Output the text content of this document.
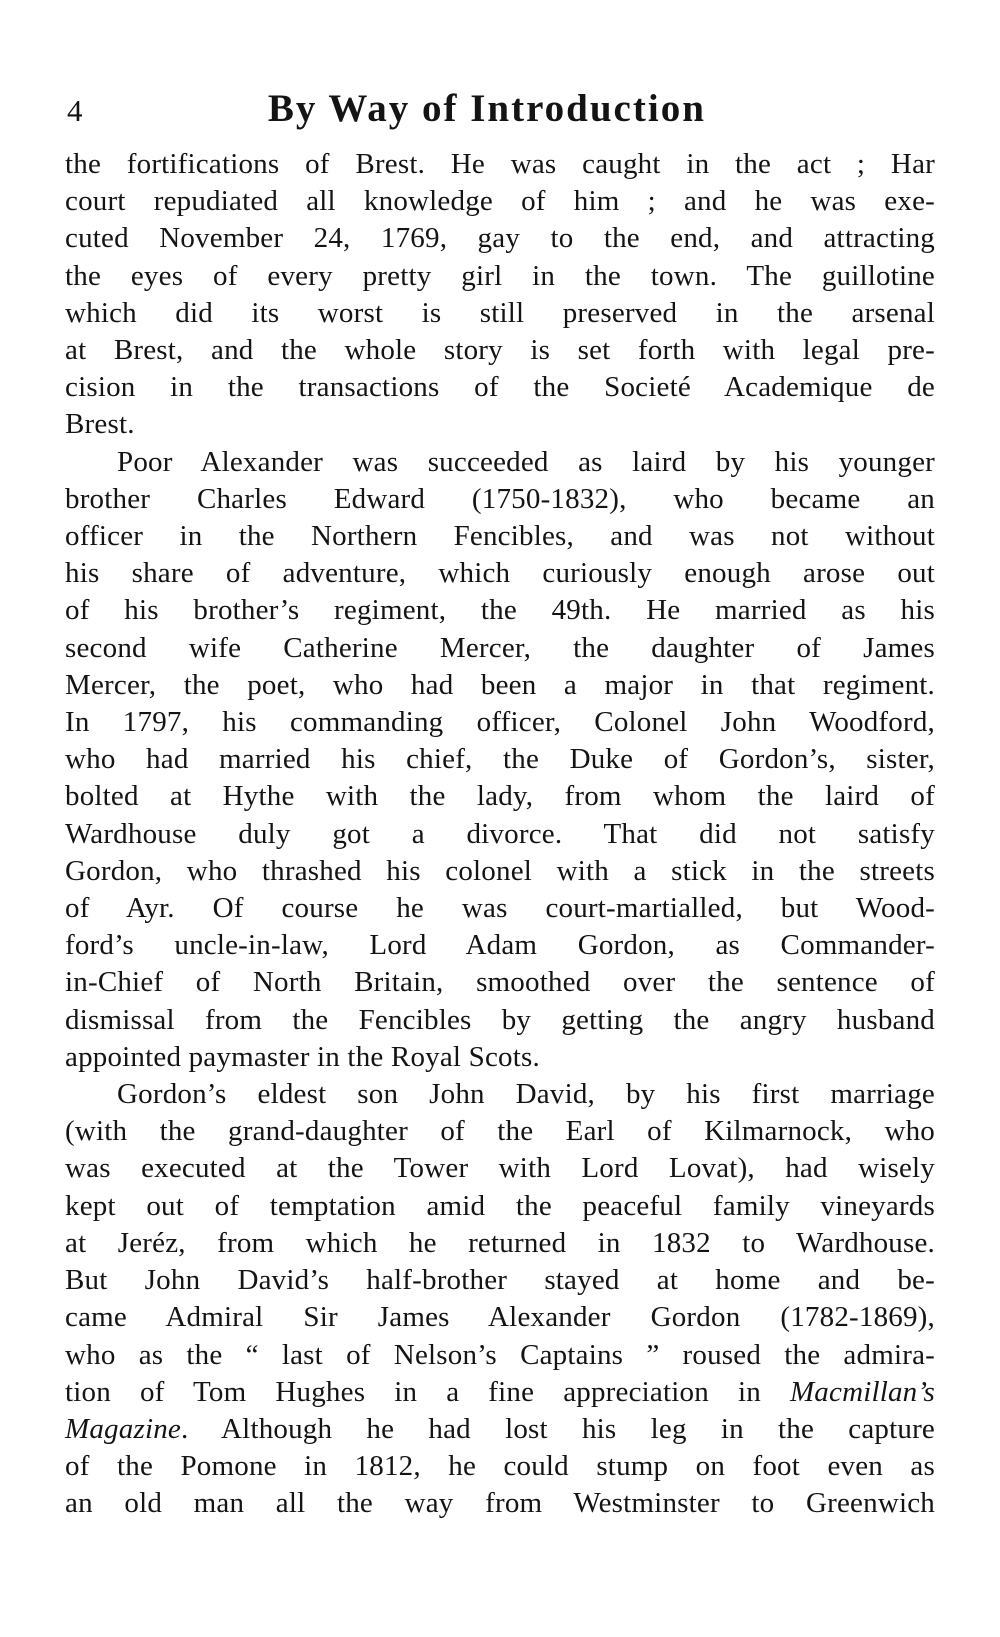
4	By Way of Introduction
the fortifications of Brest. He was caught in the act ; Har
court repudiated all knowledge of him ; and he was exe-
cuted November 24, 1769, gay to the end, and attracting
the eyes of every pretty girl in the town. The guillotine
which did its worst is still preserved in the arsenal
at Brest, and the whole story is set forth with legal pre-
cision in the transactions of the Societé Academique de
Brest.
Poor Alexander was succeeded as laird by his younger
brother Charles Edward (1750-1832), who became an
officer in the Northern Fencibles, and was not without
his share of adventure, which curiously enough arose out
of his brother’s regiment, the 49th. He married as his
second wife Catherine Mercer, the daughter of James
Mercer, the poet, who had been a major in that regiment.
In 1797, his commanding officer, Colonel John Woodford,
who had married his chief, the Duke of Gordon’s, sister,
bolted at Hythe with the lady, from whom the laird of
Wardhouse duly got a divorce. That did not satisfy
Gordon, who thrashed his colonel with a stick in the streets
of Ayr. Of course he was court-martialled, but Wood-
ford’s uncle-in-law, Lord Adam Gordon, as Commander-
in-Chief of North Britain, smoothed over the sentence of
dismissal from the Fencibles by getting the angry husband
appointed paymaster in the Royal Scots.
Gordon’s eldest son John David, by his first marriage
(with the grand-daughter of the Earl of Kilmarnock, who
was executed at the Tower with Lord Lovat), had wisely
kept out of temptation amid the peaceful family vineyards
at Jeréz, from which he returned in 1832 to Wardhouse.
But John David’s half-brother stayed at home and be-
came Admiral Sir James Alexander Gordon (1782-1869),
who as the “ last of Nelson’s Captains ” roused the admira-
tion of Tom Hughes in a fine appreciation in Macmillan’s
Magazine. Although he had lost his leg in the capture
of the Pomone in 1812, he could stump on foot even as
an old man all the way from Westminster to Greenwich
